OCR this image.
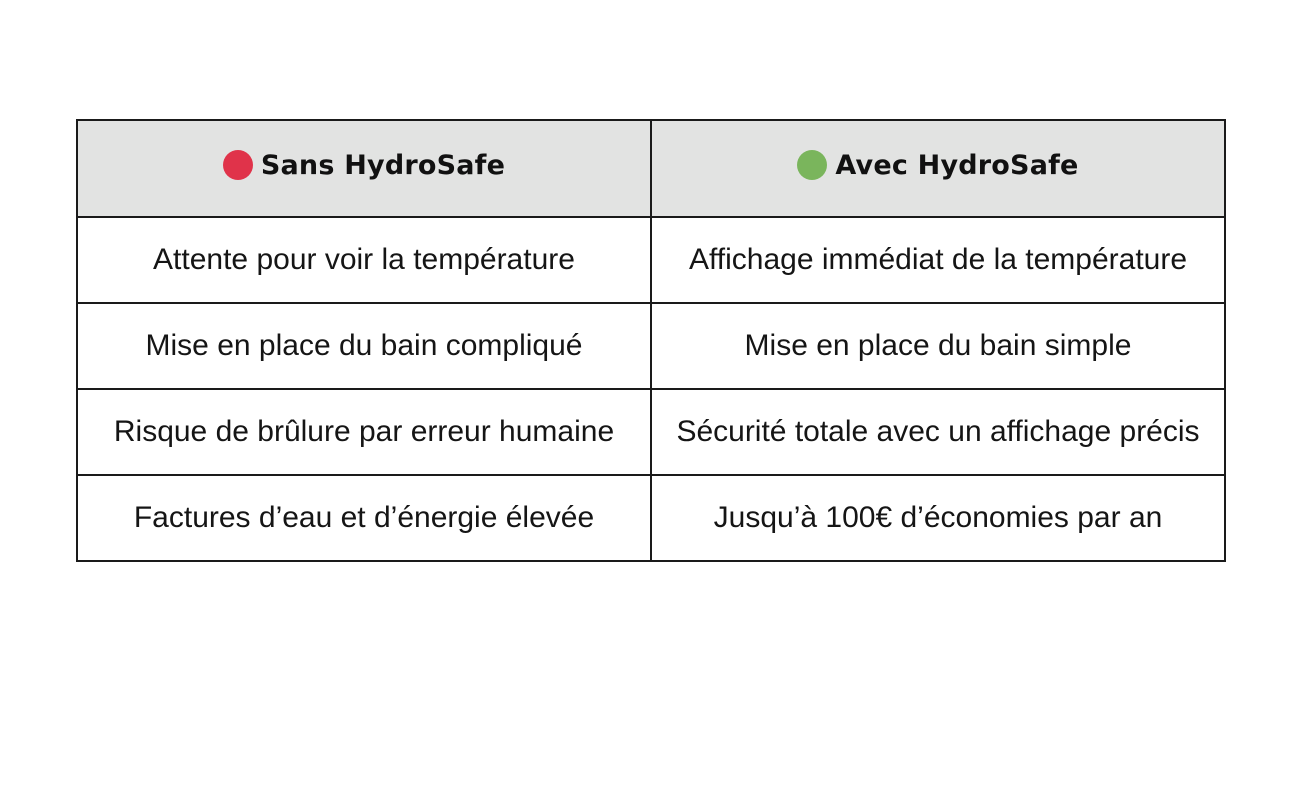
Sans HydroSafe	Avec HydroSafe

Attente pour voir la température	Affichage immédiat de la température
Mise en place du bain compliqué	Mise en place du bain simple
Risque de brûlure par erreur humaine	Sécurité totale avec un affichage précis
Factures d’eau et d’énergie élevée	Jusqu’à 100€ d’économies par an
